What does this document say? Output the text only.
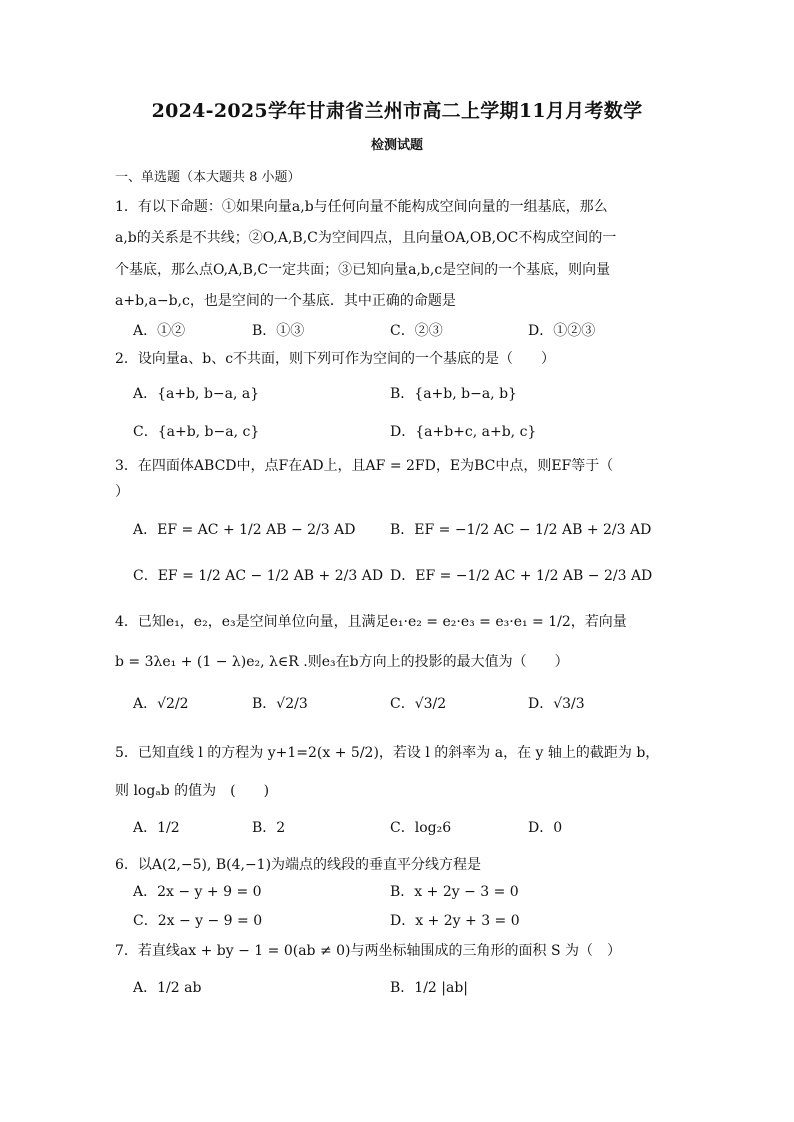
2024-2025学年甘肃省兰州市高二上学期11月月考数学
检测试题
一、单选题（本大题共 8 小题）
1．有以下命题：①如果向量a,b与任何向量不能构成空间向量的一组基底，那么
a,b的关系是不共线；②O,A,B,C为空间四点，且向量OA,OB,OC不构成空间的一
个基底，那么点O,A,B,C一定共面；③已知向量a,b,c是空间的一个基底，则向量
a+b,a−b,c，也是空间的一个基底．其中正确的命题是
A．①②	B．①③	C．②③	D．①②③
2．设向量a、b、c不共面，则下列可作为空间的一个基底的是（　　）
A．{a+b, b−a, a}	B．{a+b, b−a, b}
C．{a+b, b−a, c}	D．{a+b+c, a+b, c}
3．在四面体ABCD中，点F在AD上，且AF = 2FD，E为BC中点，则EF等于（
）
A．EF = AC + 1/2 AB − 2/3 AD B．EF = −1/2 AC − 1/2 AB + 2/3 AD
C．EF = 1/2 AC − 1/2 AB + 2/3 AD D．EF = −1/2 AC + 1/2 AB − 2/3 AD
4．已知e₁，e₂，e₃是空间单位向量，且满足e₁·e₂ = e₂·e₃ = e₃·e₁ = 1/2，若向量
b = 3λe₁ + (1 − λ)e₂, λ∈R .则e₃在b方向上的投影的最大值为（　　）
A．√2/2	B．√2/3	C．√3/2	D．√3/3
5．已知直线 l 的方程为 y+1=2(x + 5/2)，若设 l 的斜率为 a，在 y 轴上的截距为 b，
则 logₐb 的值为　(　　)
A．1/2	B．2	C．log₂6	D．0
6．以A(2,−5), B(4,−1)为端点的线段的垂直平分线方程是
A．2x − y + 9 = 0	B．x + 2y − 3 = 0
C．2x − y − 9 = 0	D．x + 2y + 3 = 0
7．若直线ax + by − 1 = 0(ab ≠ 0)与两坐标轴围成的三角形的面积 S 为（　）
A．1/2 ab	B．1/2 |ab|
